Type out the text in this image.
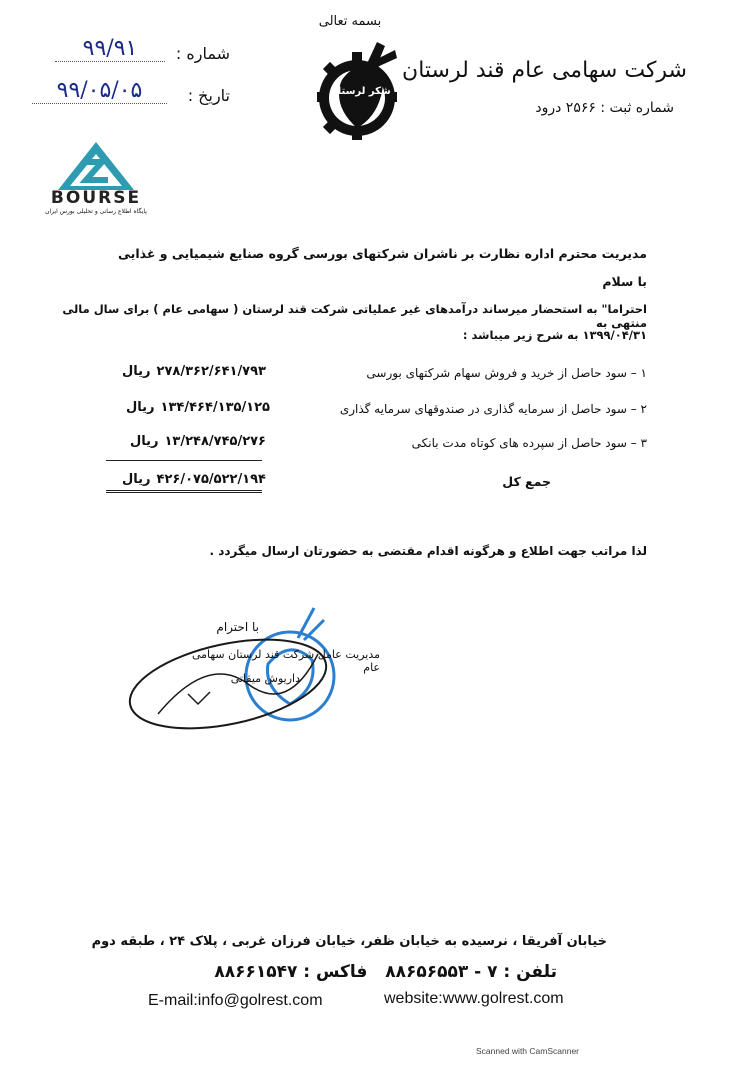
بسمه تعالی
شکر لرستان
شرکت سهامی عام قند لرستان
شماره ثبت : ۲۵۶۶ درود
شماره :
۹۹/۹۱
تاریخ :
۹۹/۰۵/۰۵
BOURSE
پایگاه اطلاع رسانی و تحلیلی بورس ایران
مدیریت محترم اداره نظارت بر ناشران شرکتهای بورسی گروه صنایع شیمیایی و غذایی
با سلام
احتراما" به استحضار میرساند درآمدهای غیر عملیاتی شرکت قند لرستان ( سهامی عام ) برای سال مالی منتهی به
۱۳۹۹/۰۴/۳۱ به شرح زیر میباشد :
۱ – سود حاصل از خرید و فروش سهام شرکتهای بورسی
۲۷۸/۳۶۲/۶۴۱/۷۹۳
ریال
۲ – سود حاصل از سرمایه گذاری در صندوقهای سرمایه گذاری
۱۳۴/۴۶۴/۱۳۵/۱۲۵
ریال
۳ – سود حاصل از سپرده های کوتاه مدت بانکی
۱۳/۲۴۸/۷۴۵/۲۷۶
ریال
جمع کل
۴۲۶/۰۷۵/۵۲۲/۱۹۴
ریال
لذا مراتب جهت اطلاع و هرگونه اقدام مقتضی به حضورتان ارسال میگردد .
با احترام
مدیریت عامل شرکت قند لرستان سهامی عام
داریوش میقاتی
خیابان آفریقا ، نرسیده به خیابان ظفر، خیابان فرزان غربی ، پلاک ۲۴ ، طبقه دوم
تلفن : ۷ - ۸۸۶۵۶۵۵۳   فاکس : ۸۸۶۶۱۵۴۷
E-mail:info@golrest.com	website:www.golrest.com
Scanned with CamScanner
